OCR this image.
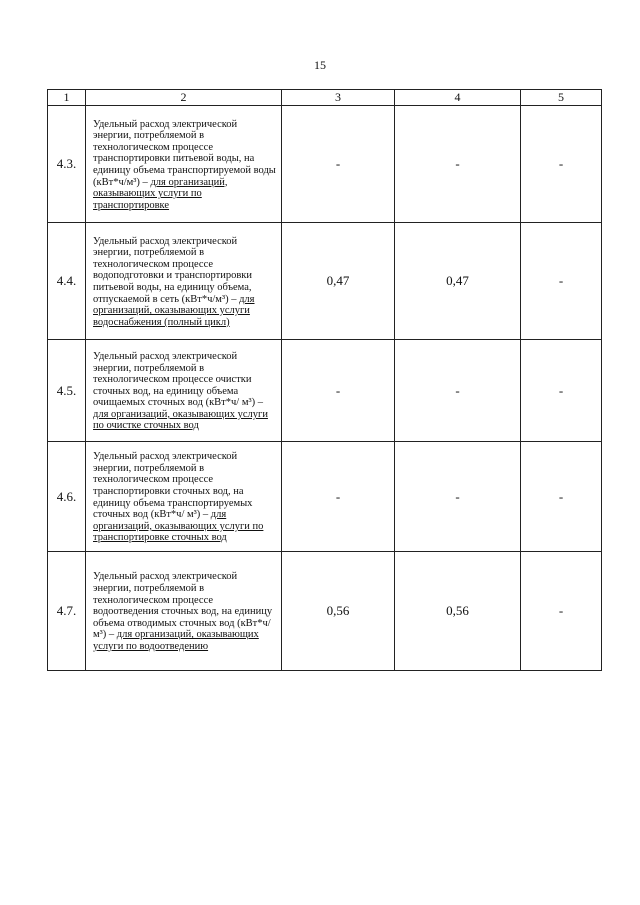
15
1	2	3	4	5
4.3.	Удельный расход электрической энергии, потребляемой в технологическом процессе транспортировки питьевой воды, на единицу объема транспортируемой воды (кВт*ч/м³) – для организаций, оказывающих услуги по транспортировке	-	-	-
4.4.	Удельный расход электрической энергии, потребляемой в технологическом процессе водоподготовки и транспортировки питьевой воды, на единицу объема, отпускаемой в сеть (кВт*ч/м³) – для организаций, оказывающих услуги водоснабжения (полный цикл)	0,47	0,47	-
4.5.	Удельный расход электрической энергии, потребляемой в технологическом процессе очистки сточных вод, на единицу объема очищаемых сточных вод (кВт*ч/ м³) – для организаций, оказывающих услуги по очистке сточных вод	-	-	-
4.6.	Удельный расход электрической энергии, потребляемой в технологическом процессе транспортировки сточных вод, на единицу объема транспортируемых сточных вод (кВт*ч/ м³) – для организаций, оказывающих услуги по транспортировке сточных вод	-	-	-
4.7.	Удельный расход электрической энергии, потребляемой в технологическом процессе водоотведения сточных вод, на единицу объема отводимых сточных вод (кВт*ч/ м³) – для организаций, оказывающих услуги по водоотведению	0,56	0,56	-
